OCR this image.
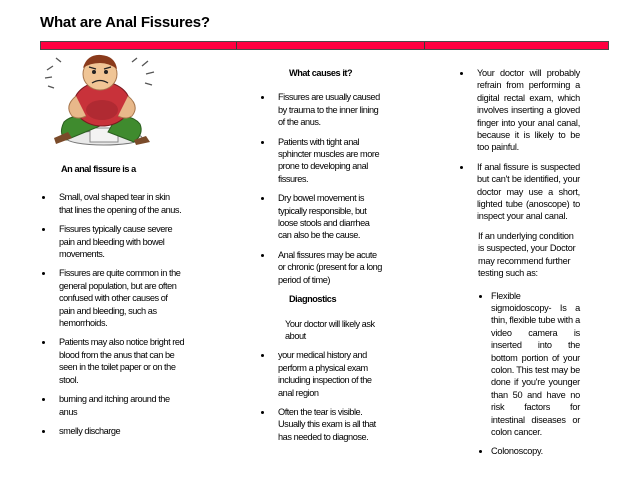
What are Anal Fissures?

An anal fissure is a

Small, oval shaped tear in skin that lines the opening of the anus.
Fissures typically cause severe pain and bleeding with bowel movements.
Fissures are quite common in the general population, but are often confused with other causes of pain and bleeding, such as hemorrhoids.
Patients may also notice bright red blood from the anus that can be seen in the toilet paper or on the stool.
burning and itching around the anus
smelly discharge

What causes it?

Fissures are usually caused by trauma to the inner lining of the anus.
Patients with tight anal sphincter muscles are more prone to developing anal fissures.
Dry bowel movement is typically responsible, but loose stools and diarrhea can also be the cause.
Anal fissures may be acute or chronic (present for a long period of time)

Diagnostics

Your doctor will likely ask about

your medical history and perform a physical exam including inspection of the anal region
Often the tear is visible. Usually this exam is all that has needed to diagnose.
Your doctor will probably refrain from performing a digital rectal exam, which involves inserting a gloved finger into your anal canal, because it is likely to be too painful.
If anal fissure is suspected but can't be identified, your doctor may use a short, lighted tube (anoscope) to inspect your anal canal.

If an underlying condition is suspected, your Doctor may recommend further testing such as:

Flexible sigmoidoscopy- Is a thin, flexible tube with a video camera is inserted into the bottom portion of your colon. This test may be done if you're younger than 50 and have no risk factors for intestinal diseases or colon cancer.
Colonoscopy.
